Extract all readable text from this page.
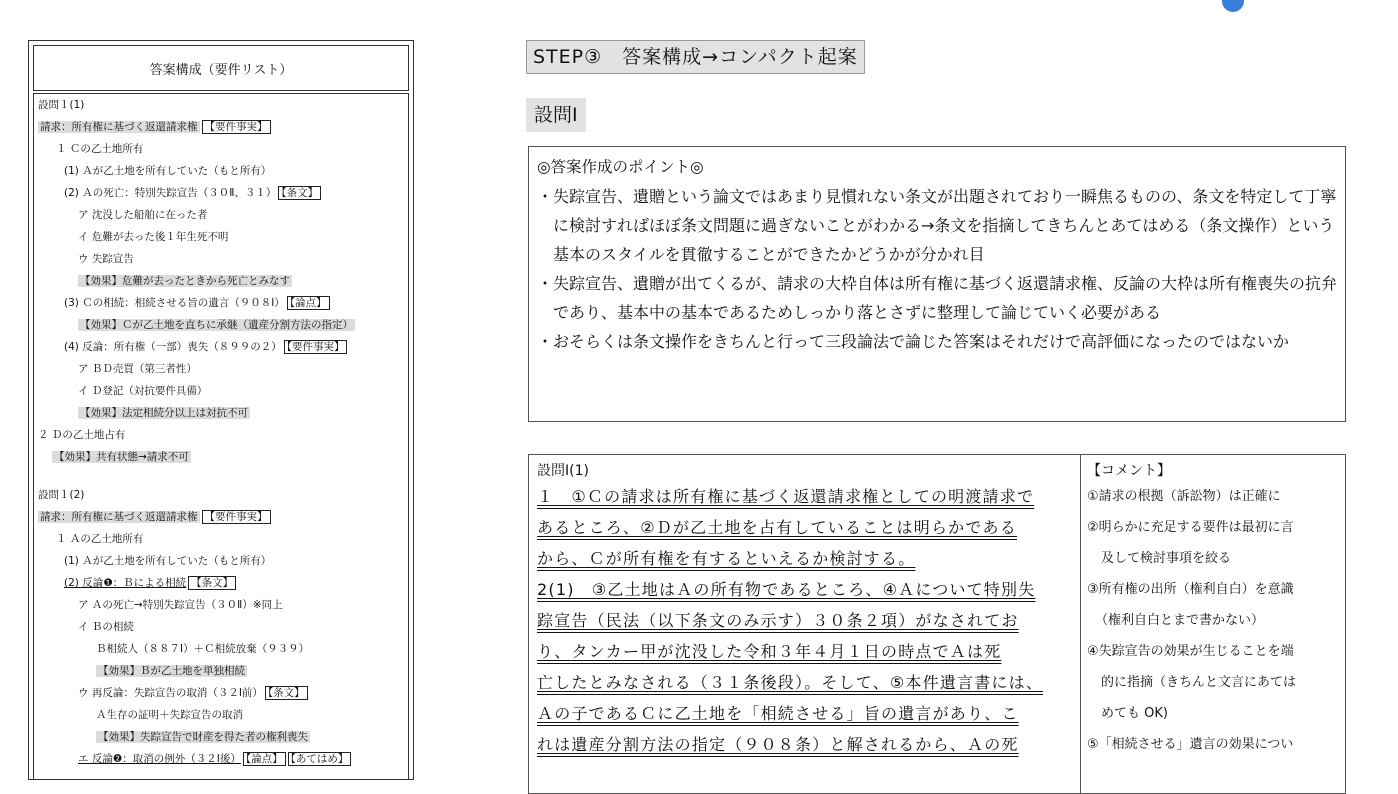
答案構成（要件リスト）
設問１(1)
請求：所有権に基づく返還請求権 【要件事実】
１ Ｃの乙土地所有
(1) Ａが乙土地を所有していた（もと所有）
(2) Ａの死亡：特別失踪宣告（３０Ⅱ、３１） 【条文】
ア 沈没した船舶に在った者
イ 危難が去った後１年生死不明
ウ 失踪宣告
【効果】危難が去ったときから死亡とみなす
(3) Ｃの相続：相続させる旨の遺言（９０８Ⅰ） 【論点】
【効果】Ｃが乙土地を直ちに承継（遺産分割方法の指定）
(4) 反論：所有権（一部）喪失（８９９の２） 【要件事実】
ア ＢＤ売買（第三者性）
イ Ｄ登記（対抗要件具備）
【効果】法定相続分以上は対抗不可
２ Ｄの乙土地占有
【効果】共有状態→請求不可
設問１(2)
請求：所有権に基づく返還請求権 【要件事実】
１ Ａの乙土地所有
(1) Ａが乙土地を所有していた（もと所有）
(2) 反論❶：Ｂによる相続 【条文】
ア Ａの死亡→特別失踪宣告（３０Ⅱ）※同上
イ Ｂの相続
Ｂ相続人（８８７Ⅰ）＋Ｃ相続放棄（９３９）
【効果】Ｂが乙土地を単独相続
ウ 再反論：失踪宣告の取消（３２Ⅰ前） 【条文】
Ａ生存の証明＋失踪宣告の取消
【効果】失踪宣告で財産を得た者の権利喪失
エ 反論❷：取消の例外（３２Ⅰ後） 【論点】 【あてはめ】
STEP③　答案構成→コンパクト起案
設問Ⅰ
◎答案作成のポイント◎
・失踪宣告、遺贈という論文ではあまり見慣れない条文が出題されており一瞬焦るものの、条文を特定して丁寧に検討すればほぼ条文問題に過ぎないことがわかる→条文を指摘してきちんとあてはめる（条文操作）という基本のスタイルを貫徹することができたかどうかが分かれ目
・失踪宣告、遺贈が出てくるが、請求の大枠自体は所有権に基づく返還請求権、反論の大枠は所有権喪失の抗弁であり、基本中の基本であるためしっかり落とさずに整理して論じていく必要がある
・おそらくは条文操作をきちんと行って三段論法で論じた答案はそれだけで高評価になったのではないか
設問Ⅰ(1)
１　①Ｃの請求は所有権に基づく返還請求権としての明渡請求で
あるところ、②Ｄが乙土地を占有していることは明らかである
から、Ｃが所有権を有するといえるか検討する。
2(1)　③乙土地はＡの所有物であるところ、④Ａについて特別失
踪宣告（民法（以下条文のみ示す）３０条２項）がなされてお
り、タンカー甲が沈没した令和３年４月１日の時点でＡは死
亡したとみなされる（３１条後段）。そして、⑤本件遺言書には、
Ａの子であるＣに乙土地を「相続させる」旨の遺言があり、こ
れは遺産分割方法の指定（９０８条）と解されるから、Ａの死
【コメント】
①請求の根拠（訴訟物）は正確に
②明らかに充足する要件は最初に言
及して検討事項を絞る
③所有権の出所（権利自白）を意識
（権利自白とまで書かない）
④失踪宣告の効果が生じることを端
的に指摘（きちんと文言にあては
めても OK)
⑤「相続させる」遺言の効果につい
